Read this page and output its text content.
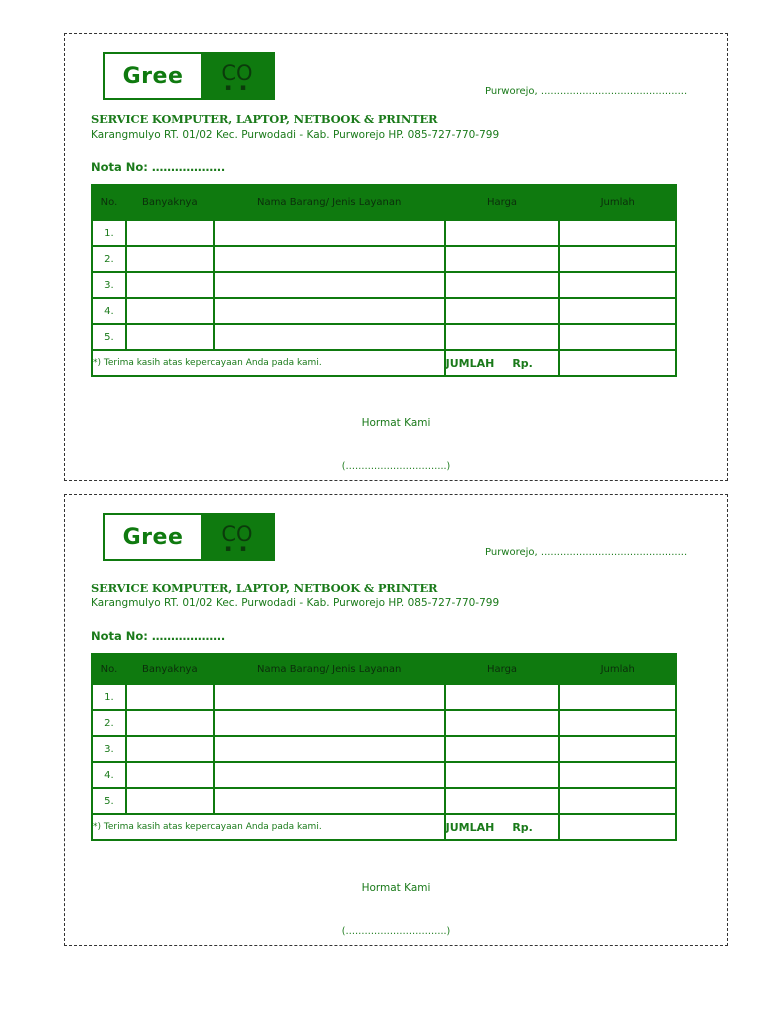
Gree	CO
▪ ▪	Purworejo, ..............................................
SERVICE KOMPUTER, LAPTOP, NETBOOK & PRINTER
Karangmulyo RT. 01/02 Kec. Purwodadi - Kab. Purworejo HP. 085-727-770-799
Nota No: ……………….
No.	Banyaknya	Nama Barang/ Jenis Layanan	Harga	Jumlah
1.				
2.				
3.				
4.				
5.				
*) Terima kasih atas kepercayaan Anda pada kami.			JUMLAH Rp.	
Hormat Kami
(…………………………..)
Gree	CO
▪ ▪	Purworejo, ..............................................
SERVICE KOMPUTER, LAPTOP, NETBOOK & PRINTER
Karangmulyo RT. 01/02 Kec. Purwodadi - Kab. Purworejo HP. 085-727-770-799
Nota No: ……………….
No.	Banyaknya	Nama Barang/ Jenis Layanan	Harga	Jumlah
1.				
2.				
3.				
4.				
5.				
*) Terima kasih atas kepercayaan Anda pada kami.			JUMLAH Rp.	
Hormat Kami
(…………………………..)
